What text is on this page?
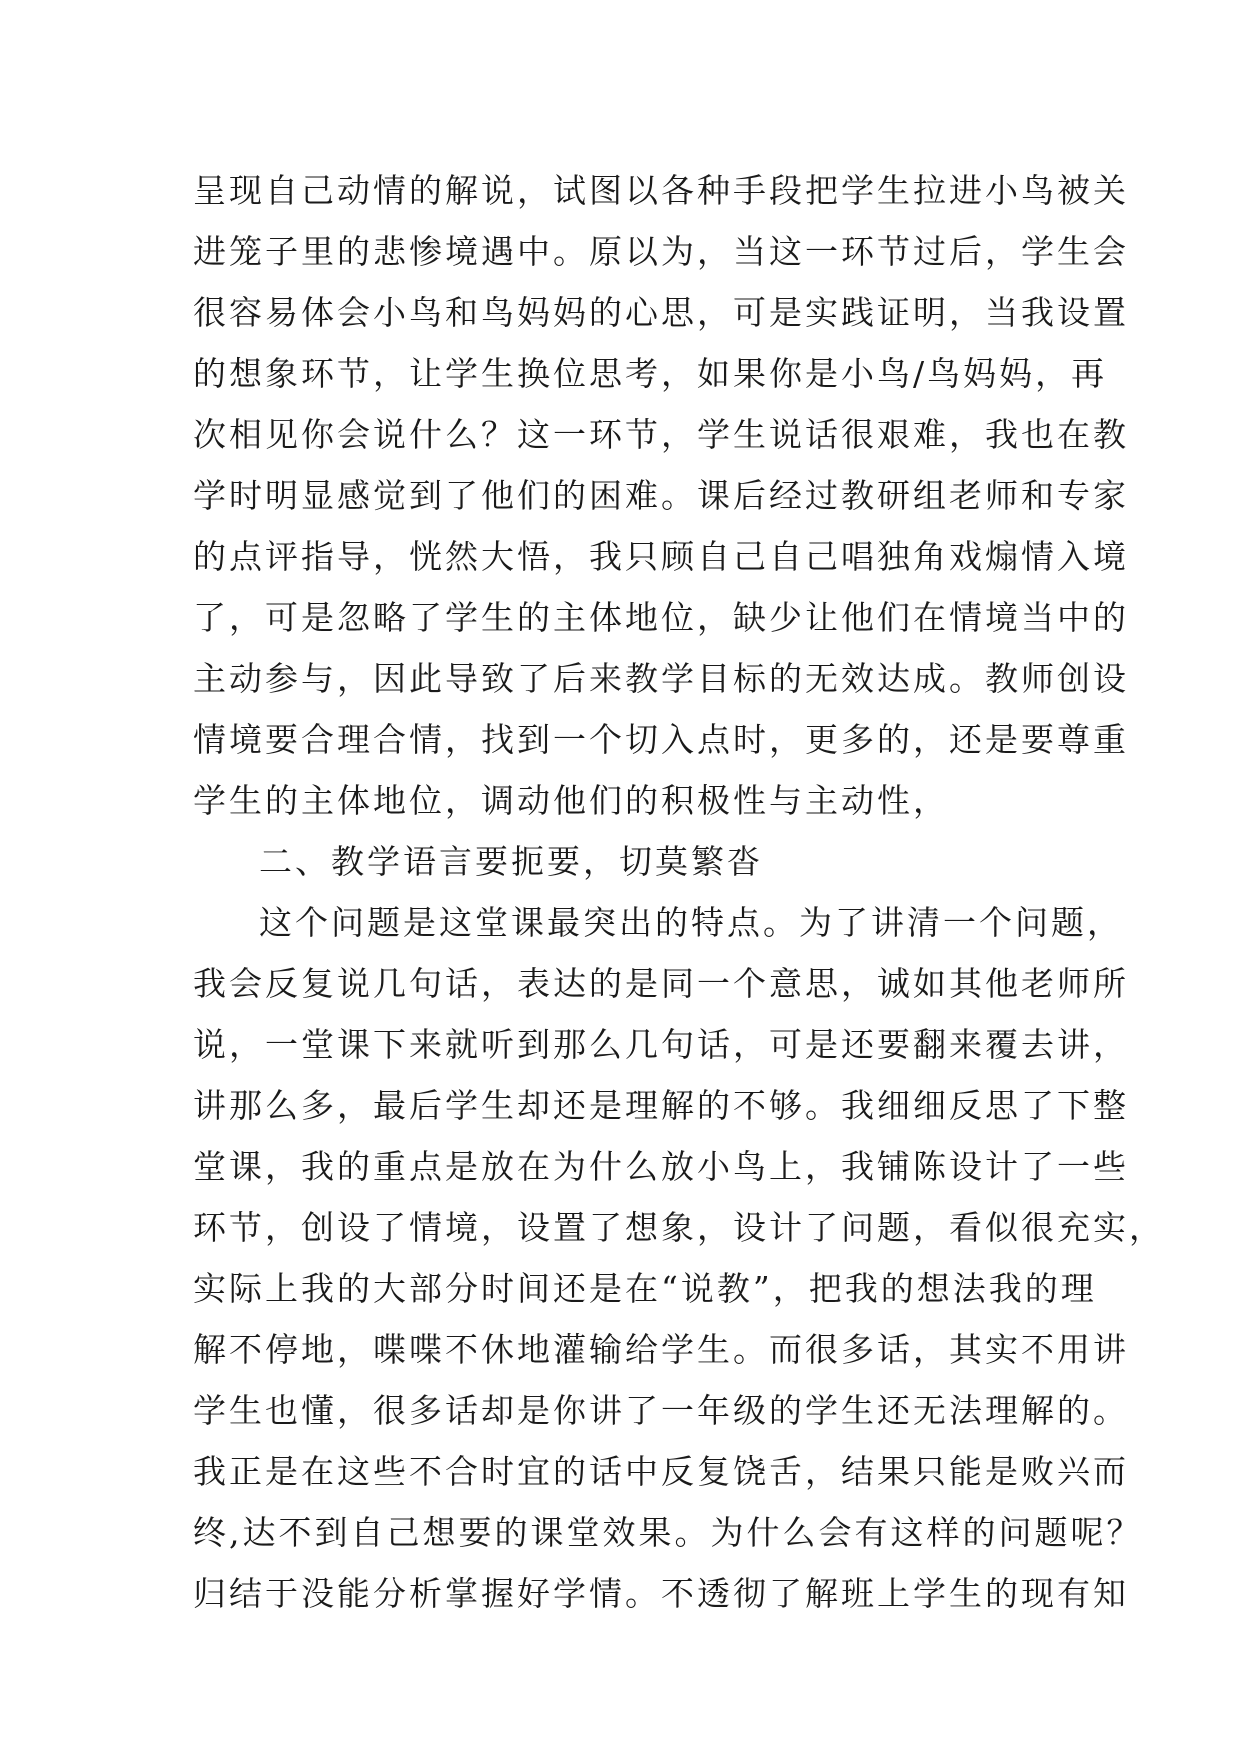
呈现自己动情的解说，试图以各种手段把学生拉进小鸟被关

进笼子里的悲惨境遇中。原以为，当这一环节过后，学生会

很容易体会小鸟和鸟妈妈的心思，可是实践证明，当我设置

的想象环节，让学生换位思考，如果你是小鸟/鸟妈妈，再

次相见你会说什么？这一环节，学生说话很艰难，我也在教

学时明显感觉到了他们的困难。课后经过教研组老师和专家

的点评指导，恍然大悟，我只顾自己自己唱独角戏煽情入境

了，可是忽略了学生的主体地位，缺少让他们在情境当中的

主动参与，因此导致了后来教学目标的无效达成。教师创设

情境要合理合情，找到一个切入点时，更多的，还是要尊重

学生的主体地位，调动他们的积极性与主动性，

二、教学语言要扼要，切莫繁沓

这个问题是这堂课最突出的特点。为了讲清一个问题，

我会反复说几句话，表达的是同一个意思，诚如其他老师所

说，一堂课下来就听到那么几句话，可是还要翻来覆去讲，

讲那么多，最后学生却还是理解的不够。我细细反思了下整

堂课，我的重点是放在为什么放小鸟上，我铺陈设计了一些

环节，创设了情境，设置了想象，设计了问题，看似很充实，

实际上我的大部分时间还是在“说教”，把我的想法我的理

解不停地，喋喋不休地灌输给学生。而很多话，其实不用讲

学生也懂，很多话却是你讲了一年级的学生还无法理解的。

我正是在这些不合时宜的话中反复饶舌，结果只能是败兴而

终,达不到自己想要的课堂效果。为什么会有这样的问题呢？

归结于没能分析掌握好学情。不透彻了解班上学生的现有知
